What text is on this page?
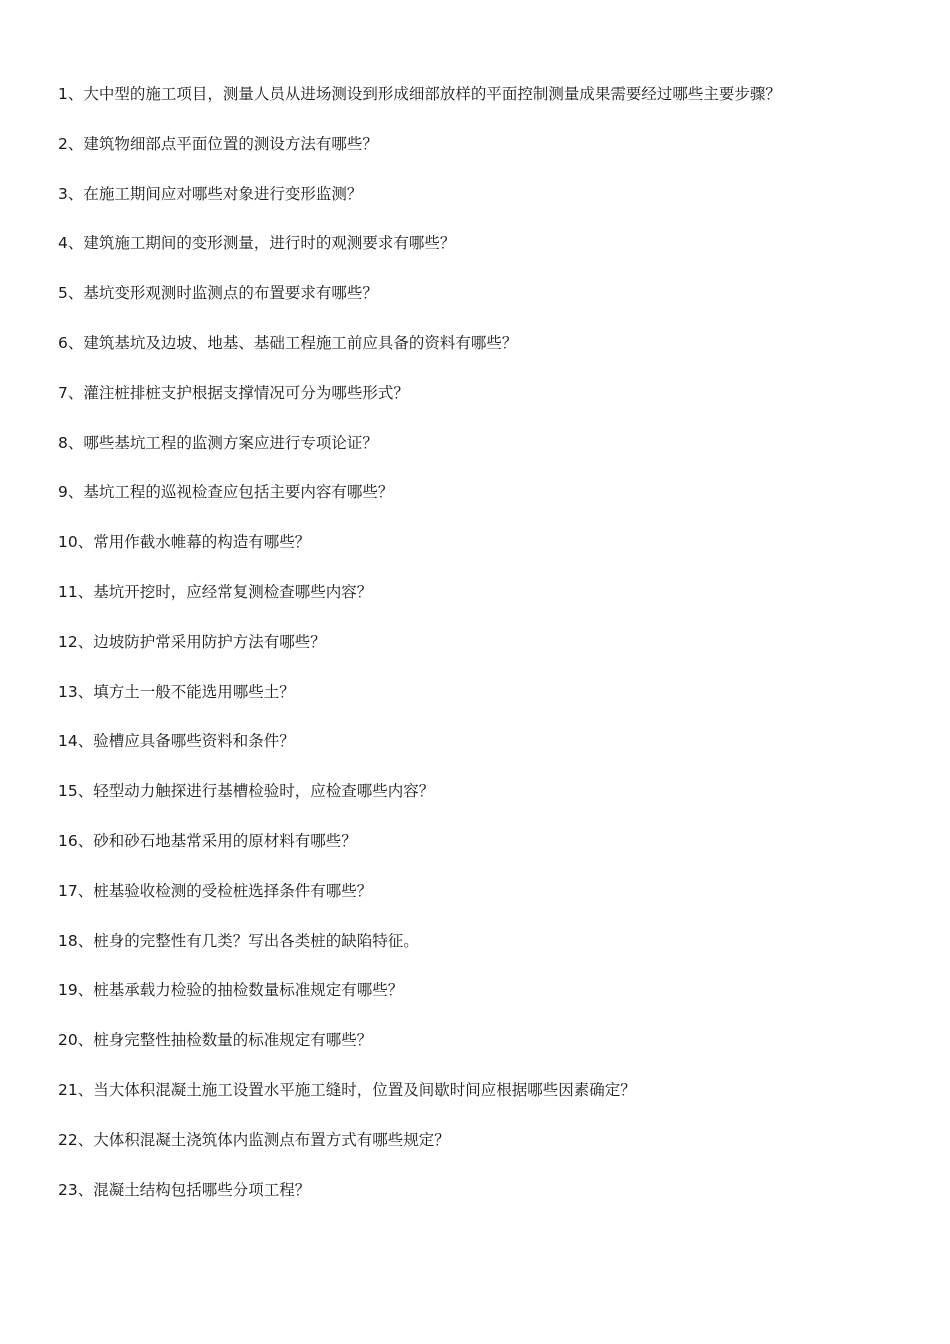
1、大中型的施工项目，测量人员从进场测设到形成细部放样的平面控制测量成果需要经过哪些主要步骤？
2、建筑物细部点平面位置的测设方法有哪些？
3、在施工期间应对哪些对象进行变形监测？
4、建筑施工期间的变形测量，进行时的观测要求有哪些？
5、基坑变形观测时监测点的布置要求有哪些？
6、建筑基坑及边坡、地基、基础工程施工前应具备的资料有哪些？
7、灌注桩排桩支护根据支撑情况可分为哪些形式？
8、哪些基坑工程的监测方案应进行专项论证？
9、基坑工程的巡视检查应包括主要内容有哪些？
10、常用作截水帷幕的构造有哪些？
11、基坑开挖时，应经常复测检查哪些内容？
12、边坡防护常采用防护方法有哪些？
13、填方土一般不能选用哪些土？
14、验槽应具备哪些资料和条件？
15、轻型动力触探进行基槽检验时，应检查哪些内容？
16、砂和砂石地基常采用的原材料有哪些？
17、桩基验收检测的受检桩选择条件有哪些？
18、桩身的完整性有几类？写出各类桩的缺陷特征。
19、桩基承载力检验的抽检数量标准规定有哪些？
20、桩身完整性抽检数量的标准规定有哪些？
21、当大体积混凝土施工设置水平施工缝时，位置及间歇时间应根据哪些因素确定？
22、大体积混凝土浇筑体内监测点布置方式有哪些规定？
23、混凝土结构包括哪些分项工程？
